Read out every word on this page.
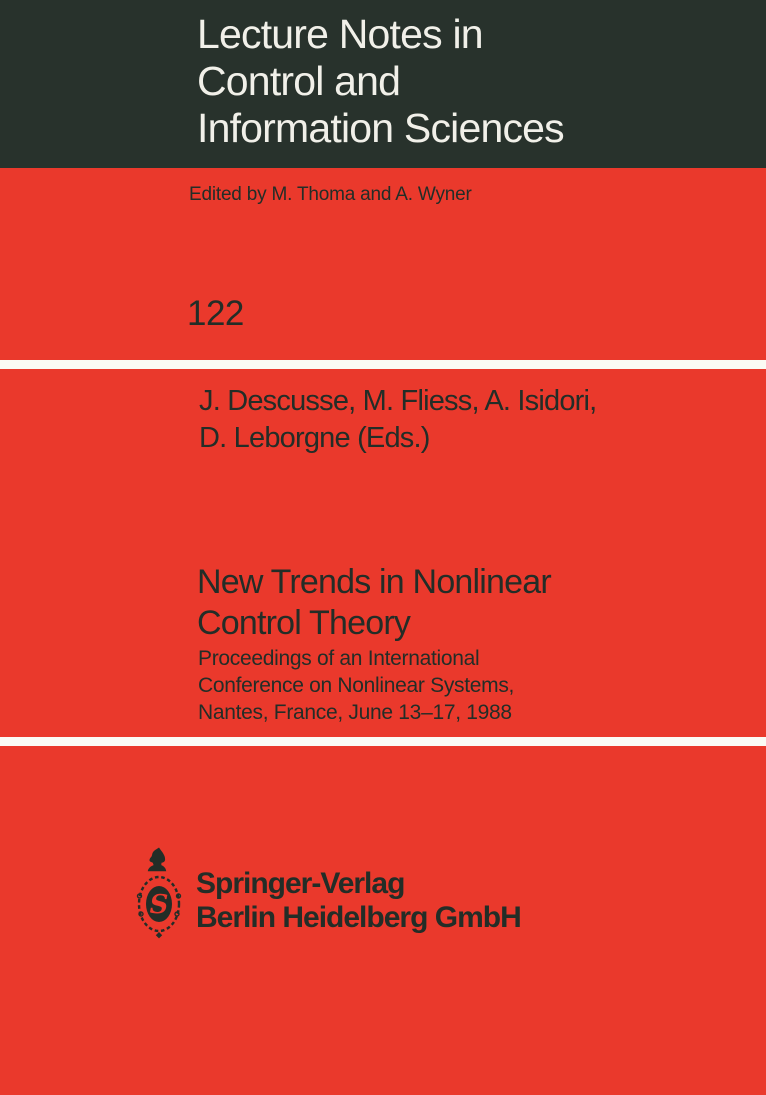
Lecture Notes in
Control and
Information Sciences
Edited by M. Thoma and A. Wyner
122
J. Descusse, M. Fliess, A. Isidori,
D. Leborgne (Eds.)
New Trends in Nonlinear
Control Theory
Proceedings of an International
Conference on Nonlinear Systems,
Nantes, France, June 13–17, 1988
S
Springer-Verlag
Berlin Heidelberg GmbH
